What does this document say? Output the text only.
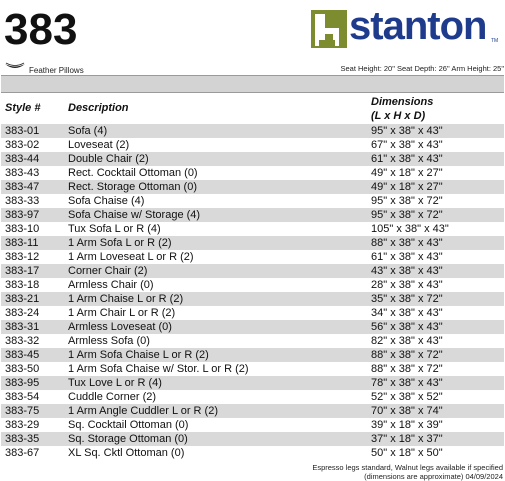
383	stanton TM
Feather Pillows	Seat Height: 20" Seat Depth: 26" Arm Height: 25"
Style #	Description	Dimensions
(L x H x D)
383-01	Sofa (4)	95" x 38" x 43"
383-02	Loveseat (2)	67" x 38" x 43"
383-44	Double Chair (2)	61" x 38" x 43"
383-43	Rect. Cocktail Ottoman (0)	49" x 18" x 27"
383-47	Rect. Storage Ottoman (0)	49" x 18" x 27"
383-33	Sofa Chaise (4)	95" x 38" x 72"
383-97	Sofa Chaise w/ Storage (4)	95" x 38" x 72"
383-10	Tux Sofa L or R (4)	105" x 38" x 43"
383-11	1 Arm Sofa L or R (2)	88" x 38" x 43"
383-12	1 Arm Loveseat L or R (2)	61" x 38" x 43"
383-17	Corner Chair (2)	43" x 38" x 43"
383-18	Armless Chair (0)	28" x 38" x 43"
383-21	1 Arm Chaise L or R (2)	35" x 38" x 72"
383-24	1 Arm Chair L or R (2)	34" x 38" x 43"
383-31	Armless Loveseat (0)	56" x 38" x 43"
383-32	Armless Sofa (0)	82" x 38" x 43"
383-45	1 Arm Sofa Chaise L or R (2)	88" x 38" x 72"
383-50	1 Arm Sofa Chaise w/ Stor. L or R (2)	88" x 38" x 72"
383-95	Tux Love L or R (4)	78" x 38" x 43"
383-54	Cuddle Corner (2)	52" x 38" x 52"
383-75	1 Arm Angle Cuddler L or R (2)	70" x 38" x 74"
383-29	Sq. Cocktail Ottoman (0)	39" x 18" x 39"
383-35	Sq. Storage Ottoman (0)	37" x 18" x 37"
383-67	XL Sq. Cktl Ottoman (0)	50" x 18" x 50"
Espresso legs standard, Walnut legs available if specified
(dimensions are approximate) 04/09/2024
